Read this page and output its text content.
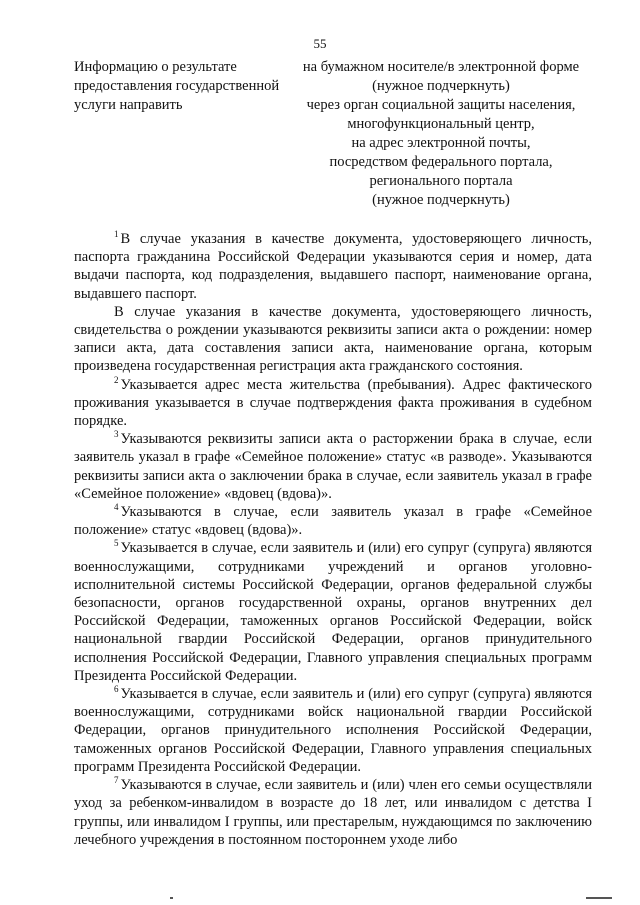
55
Информацию о результате
предоставления государственной
услуги направить
на бумажном носителе/в электронной форме
(нужное подчеркнуть)
через орган социальной защиты населения,
многофункциональный центр,
на адрес электронной почты,
посредством федерального портала,
регионального портала
(нужное подчеркнуть)

$^1$ В случае указания в качестве документа, удостоверяющего личность, паспорта гражданина Российской Федерации указываются серия и номер, дата выдачи паспорта, код подразделения, выдавшего паспорт, наименование органа, выдавшего паспорт.

В случае указания в качестве документа, удостоверяющего личность, свидетельства о рождении указываются реквизиты записи акта о рождении: номер записи акта, дата составления записи акта, наименование органа, которым произведена государственная регистрация акта гражданского состояния.

$^2$ Указывается адрес места жительства (пребывания). Адрес фактического проживания указывается в случае подтверждения факта проживания в судебном порядке.

$^3$ Указываются реквизиты записи акта о расторжении брака в случае, если заявитель указал в графе «Семейное положение» статус «в разводе». Указываются реквизиты записи акта о заключении брака в случае, если заявитель указал в графе «Семейное положение» «вдовец (вдова)».

$^4$ Указываются в случае, если заявитель указал в графе «Семейное положение» статус «вдовец (вдова)».

$^5$ Указывается в случае, если заявитель и (или) его супруг (супруга) являются военнослужащими, сотрудниками учреждений и органов уголовно-исполнительной системы Российской Федерации, органов федеральной службы безопасности, органов государственной охраны, органов внутренних дел Российской Федерации, таможенных органов Российской Федерации, войск национальной гвардии Российской Федерации, органов принудительного исполнения Российской Федерации, Главного управления специальных программ Президента Российской Федерации.

$^6$ Указывается в случае, если заявитель и (или) его супруг (супруга) являются военнослужащими, сотрудниками войск национальной гвардии Российской Федерации, органов принудительного исполнения Российской Федерации, таможенных органов Российской Федерации, Главного управления специальных программ Президента Российской Федерации.

$^7$ Указываются в случае, если заявитель и (или) член его семьи осуществляли уход за ребенком-инвалидом в возрасте до 18 лет, или инвалидом с детства I группы, или инвалидом I группы, или престарелым, нуждающимся по заключению лечебного учреждения в постоянном постороннем уходе либо
